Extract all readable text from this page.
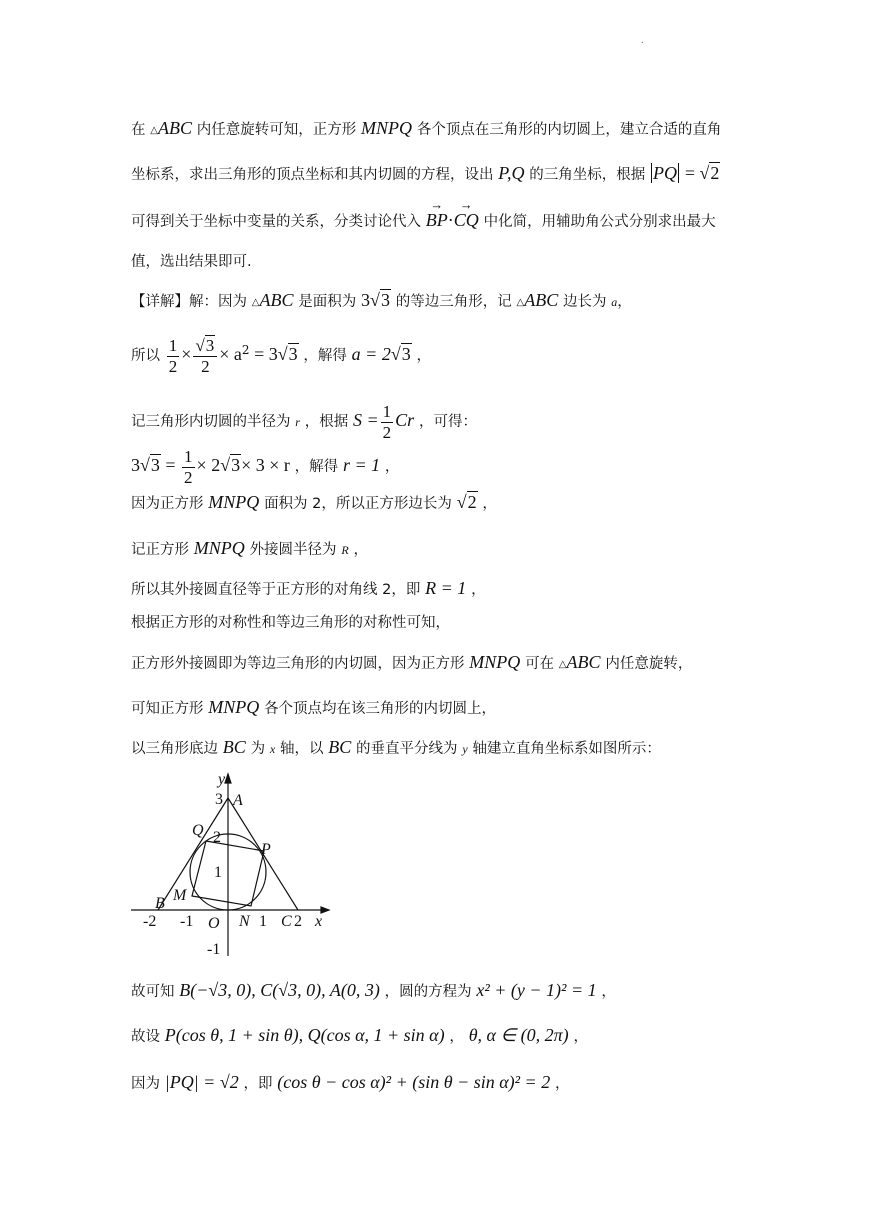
.
在 △ABC 内任意旋转可知，正方形 MNPQ 各个顶点在三角形的内切圆上，建立合适的直角
坐标系，求出三角形的顶点坐标和其内切圆的方程，设出 P,Q 的三角坐标，根据 PQ = √2
可得到关于坐标中变量的关系，分类讨论代入 → BP·→ CQ 中化简，用辅助角公式分别求出最大
值，选出结果即可.
【详解】解：因为 △ABC 是面积为 3√3 的等边三角形，记 △ABC 边长为 a，
所以 $\frac{1}{2} \times \frac{√3}{2} \times a^2 = 3√3$ ，解得 a = 2√3 ，
记三角形内切圆的半径为 r ，根据 $S = \frac{1}{2}$ Cr ，可得：
$3√3 = \frac{1}{2} \times 2√3\times 3 \times r$ ，解得 r = 1 ，
因为正方形 MNPQ 面积为 2，所以正方形边长为 √2 ，
记正方形 MNPQ 外接圆半径为 R ，
所以其外接圆直径等于正方形的对角线 2，即 R = 1 ，
根据正方形的对称性和等边三角形的对称性可知，
正方形外接圆即为等边三角形的内切圆，因为正方形 MNPQ 可在 △ABC 内任意旋转，
可知正方形 MNPQ 各个顶点均在该三角形的内切圆上，
以三角形底边 BC 为 x 轴，以 BC 的垂直平分线为 y 轴建立直角坐标系如图所示：
y
3 A
Q 2
P
1
B M
N
O
-2 -1	1 C 2 x
-1
故可知 B(−√3, 0), C(√3, 0), A(0, 3) ，圆的方程为 x² + (y − 1)² = 1 ，
故设 P(cos θ, 1 + sin θ), Q(cos α, 1 + sin α) ， θ, α ∈ (0, 2π) ，
因为 |PQ| = √2 ，即 (cos θ − cos α)² + (sin θ − sin α)² = 2 ，
